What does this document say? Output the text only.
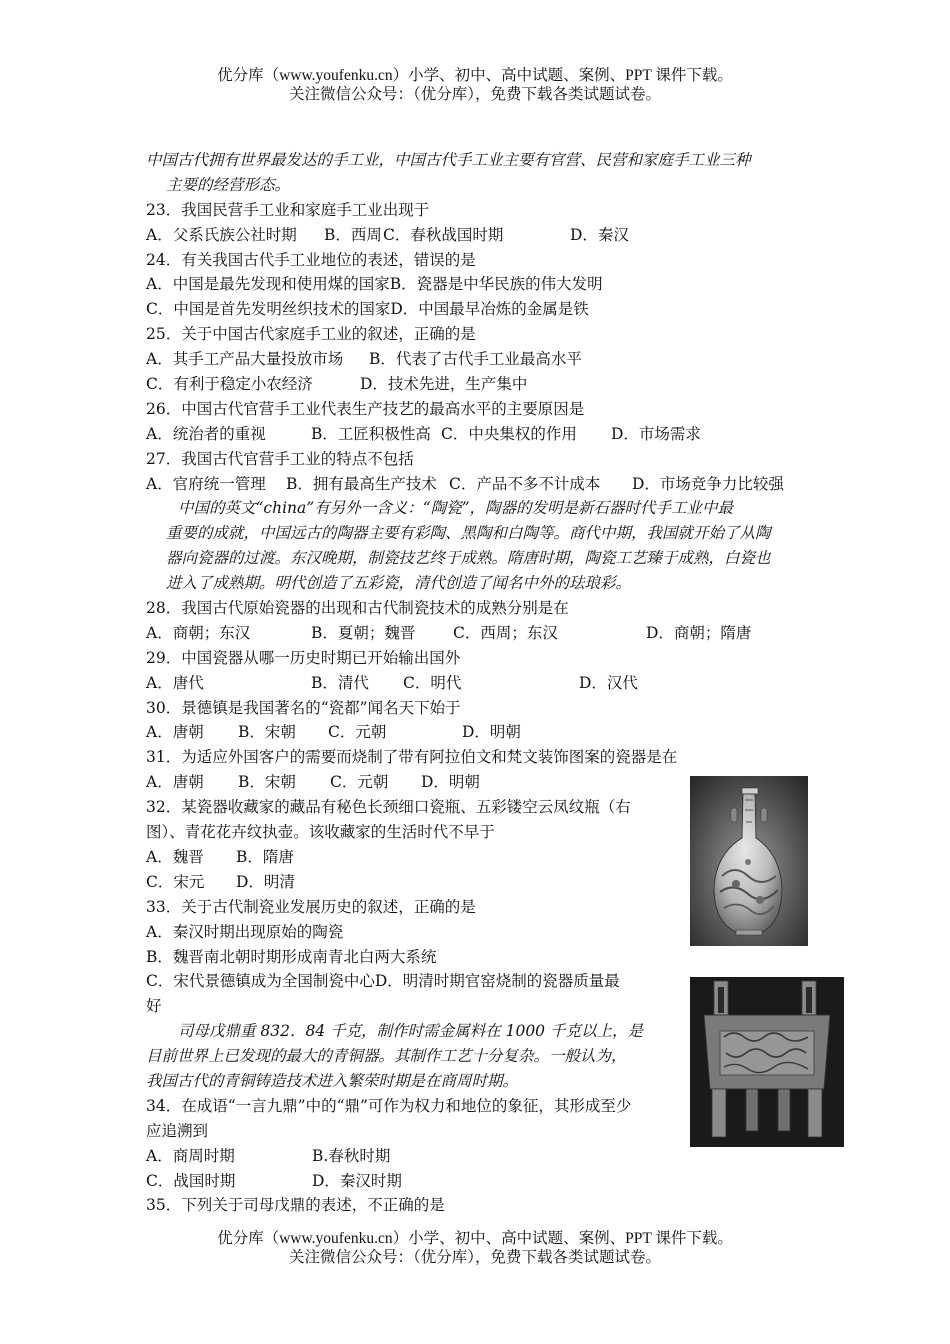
优分库（www.youfenku.cn）小学、初中、高中试题、案例、PPT 课件下载。
关注微信公众号：（优分库），免费下载各类试题试卷。
中国古代拥有世界最发达的手工业，中国古代手工业主要有官营、民营和家庭手工业三种
主要的经营形态。
23．我国民营手工业和家庭手工业出现于
A．父系氏族公社时期 B．西周C．春秋战国时期	D．秦汉
24．有关我国古代手工业地位的表述，错误的是
A．中国是最先发现和使用煤的国家B．瓷器是中华民族的伟大发明
C．中国是首先发明丝织技术的国家D．中国最早冶炼的金属是铁
25．关于中国古代家庭手工业的叙述，正确的是
A．其手工产品大量投放市场 B．代表了古代手工业最高水平
C．有利于稳定小农经济	D．技术先进，生产集中
26．中国古代官营手工业代表生产技艺的最高水平的主要原因是
A．统治者的重视	B．工匠积极性高 C．中央集权的作用 D．市场需求
27．我国古代官营手工业的特点不包括
A．官府统一管理 B．拥有最高生产技术 C．产品不多不计成本 D．市场竞争力比较强
中国的英文“china”有另外一含义：“陶瓷”，陶器的发明是新石器时代手工业中最
重要的成就，中国远古的陶器主要有彩陶、黑陶和白陶等。商代中期，我国就开始了从陶
器向瓷器的过渡。东汉晚期，制瓷技艺终于成熟。隋唐时期，陶瓷工艺臻于成熟，白瓷也
进入了成熟期。明代创造了五彩瓷，清代创造了闻名中外的珐琅彩。
28．我国古代原始瓷器的出现和古代制瓷技术的成熟分别是在
A．商朝；东汉	B．夏朝；魏晋 C．西周；东汉	D．商朝；隋唐
29．中国瓷器从哪一历史时期已开始输出国外
A．唐代	B．清代 C．明代	D．汉代
30．景德镇是我国著名的“瓷都”闻名天下始于
A．唐朝 B．宋朝 C．元朝	D．明朝
31．为适应外国客户的需要而烧制了带有阿拉伯文和梵文装饰图案的瓷器是在
A．唐朝 B．宋朝 C．元朝 D．明朝
32．某瓷器收藏家的藏品有秘色长颈细口瓷瓶、五彩镂空云凤纹瓶（右
图）、青花花卉纹执壶。该收藏家的生活时代不早于
A．魏晋 B．隋唐
C．宋元 D．明清
33．关于古代制瓷业发展历史的叙述，正确的是
A．秦汉时期出现原始的陶瓷
B．魏晋南北朝时期形成南青北白两大系统
C．宋代景德镇成为全国制瓷中心D．明清时期官窑烧制的瓷器质量最
好
司母戊鼎重 832．84 千克，制作时需金属料在 1000 千克以上，是
目前世界上已发现的最大的青铜器。其制作工艺十分复杂。一般认为，
我国古代的青铜铸造技术进入繁荣时期是在商周时期。
34．在成语“一言九鼎”中的“鼎”可作为权力和地位的象征，其形成至少
应追溯到
A．商周时期	B.春秋时期
C．战国时期	D．秦汉时期
35．下列关于司母戊鼎的表述，不正确的是
优分库（www.youfenku.cn）小学、初中、高中试题、案例、PPT 课件下载。
关注微信公众号：（优分库），免费下载各类试题试卷。
